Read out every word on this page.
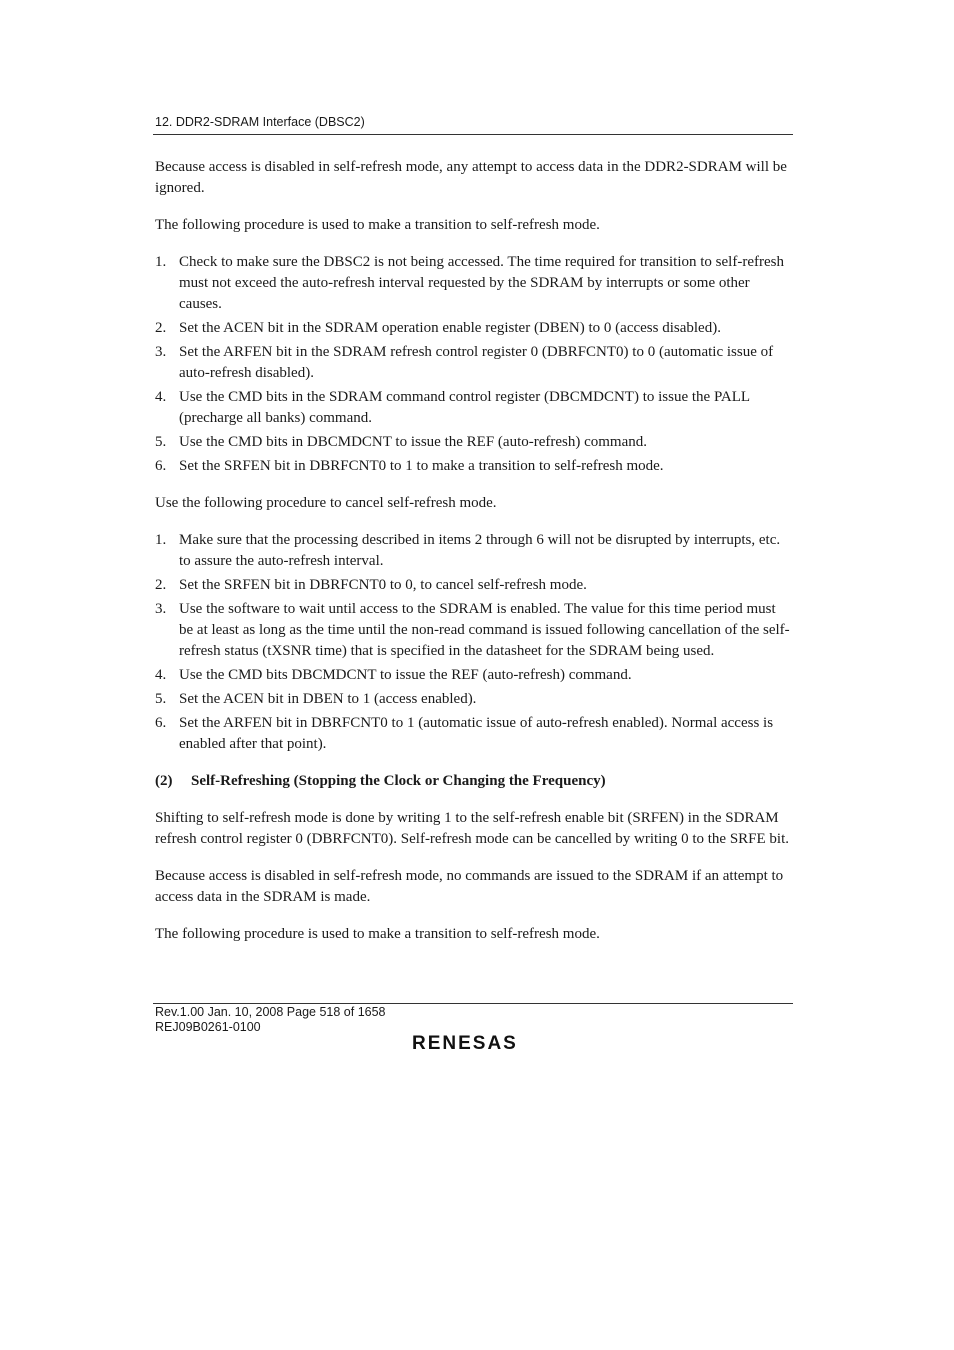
12. DDR2-SDRAM Interface (DBSC2)

Because access is disabled in self-refresh mode, any attempt to access data in the DDR2-SDRAM will be ignored.

The following procedure is used to make a transition to self-refresh mode.

1. Check to make sure the DBSC2 is not being accessed. The time required for transition to self-refresh must not exceed the auto-refresh interval requested by the SDRAM by interrupts or some other causes.
2. Set the ACEN bit in the SDRAM operation enable register (DBEN) to 0 (access disabled).
3. Set the ARFEN bit in the SDRAM refresh control register 0 (DBRFCNT0) to 0 (automatic issue of auto-refresh disabled).
4. Use the CMD bits in the SDRAM command control register (DBCMDCNT) to issue the PALL (precharge all banks) command.
5. Use the CMD bits in DBCMDCNT to issue the REF (auto-refresh) command.
6. Set the SRFEN bit in DBRFCNT0 to 1 to make a transition to self-refresh mode.

Use the following procedure to cancel self-refresh mode.

1. Make sure that the processing described in items 2 through 6 will not be disrupted by interrupts, etc. to assure the auto-refresh interval.
2. Set the SRFEN bit in DBRFCNT0 to 0, to cancel self-refresh mode.
3. Use the software to wait until access to the SDRAM is enabled. The value for this time period must be at least as long as the time until the non-read command is issued following cancellation of the self-refresh status (tXSNR time) that is specified in the datasheet for the SDRAM being used.
4. Use the CMD bits DBCMDCNT to issue the REF (auto-refresh) command.
5. Set the ACEN bit in DBEN to 1 (access enabled).
6. Set the ARFEN bit in DBRFCNT0 to 1 (automatic issue of auto-refresh enabled). Normal access is enabled after that point).
(2) Self-Refreshing (Stopping the Clock or Changing the Frequency)

Shifting to self-refresh mode is done by writing 1 to the self-refresh enable bit (SRFEN) in the SDRAM refresh control register 0 (DBRFCNT0). Self-refresh mode can be cancelled by writing 0 to the SRFE bit.

Because access is disabled in self-refresh mode, no commands are issued to the SDRAM if an attempt to access data in the SDRAM is made.

The following procedure is used to make a transition to self-refresh mode.

Rev.1.00 Jan. 10, 2008 Page 518 of 1658
REJ09B0261-0100
RENESAS
